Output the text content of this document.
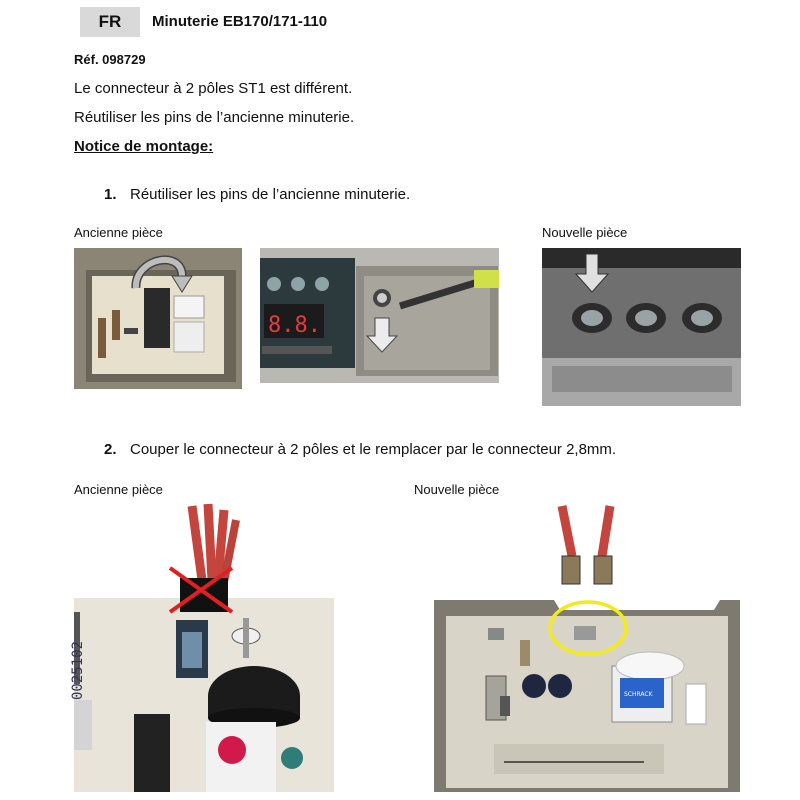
FR	Minuterie EB170/171-110
Réf. 098729
Le connecteur à 2 pôles ST1 est différent.
Réutiliser les pins de l’ancienne minuterie.
Notice de montage:
1. Réutiliser les pins de l’ancienne minuterie.
Ancienne pièce	Nouvelle pièce
8.8.
2. Couper le connecteur à 2 pôles et le remplacer par le connecteur 2,8mm.
Ancienne pièce	Nouvelle pièce
0025102	SCHRACK
